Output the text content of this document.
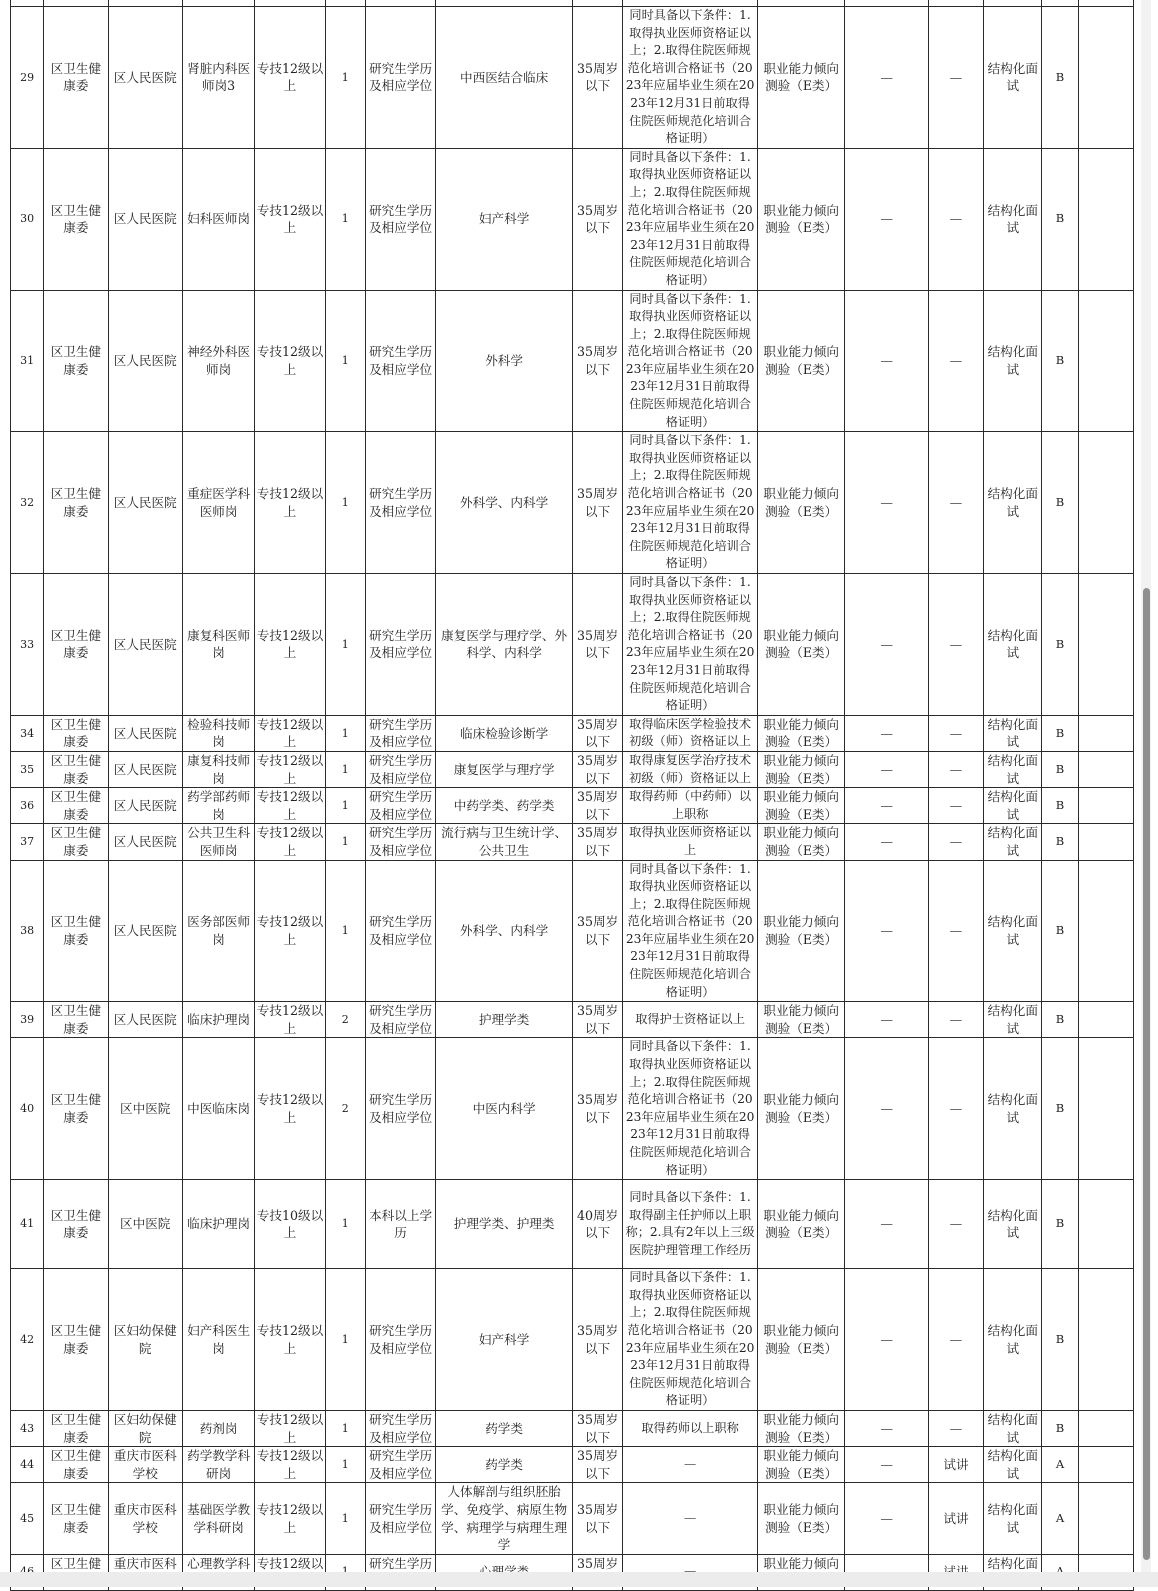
29	区卫生健康委	区人民医院	肾脏内科医师岗3	专技12级以上	1	研究生学历及相应学位	中西医结合临床	35周岁以下	同时具备以下条件：1.取得执业医师资格证以上；2.取得住院医师规范化培训合格证书（2023年应届毕业生须在2023年12月31日前取得住院医师规范化培训合格证明）	职业能力倾向测验（E类）	—	—	结构化面试	B	
30	区卫生健康委	区人民医院	妇科医师岗	专技12级以上	1	研究生学历及相应学位	妇产科学	35周岁以下	同时具备以下条件：1.取得执业医师资格证以上；2.取得住院医师规范化培训合格证书（2023年应届毕业生须在2023年12月31日前取得住院医师规范化培训合格证明）	职业能力倾向测验（E类）	—	—	结构化面试	B	
31	区卫生健康委	区人民医院	神经外科医师岗	专技12级以上	1	研究生学历及相应学位	外科学	35周岁以下	同时具备以下条件：1.取得执业医师资格证以上；2.取得住院医师规范化培训合格证书（2023年应届毕业生须在2023年12月31日前取得住院医师规范化培训合格证明）	职业能力倾向测验（E类）	—	—	结构化面试	B	
32	区卫生健康委	区人民医院	重症医学科医师岗	专技12级以上	1	研究生学历及相应学位	外科学、内科学	35周岁以下	同时具备以下条件：1.取得执业医师资格证以上；2.取得住院医师规范化培训合格证书（2023年应届毕业生须在2023年12月31日前取得住院医师规范化培训合格证明）	职业能力倾向测验（E类）	—	—	结构化面试	B	
33	区卫生健康委	区人民医院	康复科医师岗	专技12级以上	1	研究生学历及相应学位	康复医学与理疗学、外科学、内科学	35周岁以下	同时具备以下条件：1.取得执业医师资格证以上；2.取得住院医师规范化培训合格证书（2023年应届毕业生须在2023年12月31日前取得住院医师规范化培训合格证明）	职业能力倾向测验（E类）	—	—	结构化面试	B	
34	区卫生健康委	区人民医院	检验科技师岗	专技12级以上	1	研究生学历及相应学位	临床检验诊断学	35周岁以下	取得临床医学检验技术初级（师）资格证以上	职业能力倾向测验（E类）	—	—	结构化面试	B	
35	区卫生健康委	区人民医院	康复科技师岗	专技12级以上	1	研究生学历及相应学位	康复医学与理疗学	35周岁以下	取得康复医学治疗技术初级（师）资格证以上	职业能力倾向测验（E类）	—	—	结构化面试	B	
36	区卫生健康委	区人民医院	药学部药师岗	专技12级以上	1	研究生学历及相应学位	中药学类、药学类	35周岁以下	取得药师（中药师）以上职称	职业能力倾向测验（E类）	—	—	结构化面试	B	
37	区卫生健康委	区人民医院	公共卫生科医师岗	专技12级以上	1	研究生学历及相应学位	流行病与卫生统计学、公共卫生	35周岁以下	取得执业医师资格证以上	职业能力倾向测验（E类）	—	—	结构化面试	B	
38	区卫生健康委	区人民医院	医务部医师岗	专技12级以上	1	研究生学历及相应学位	外科学、内科学	35周岁以下	同时具备以下条件：1.取得执业医师资格证以上；2.取得住院医师规范化培训合格证书（2023年应届毕业生须在2023年12月31日前取得住院医师规范化培训合格证明）	职业能力倾向测验（E类）	—	—	结构化面试	B	
39	区卫生健康委	区人民医院	临床护理岗	专技12级以上	2	研究生学历及相应学位	护理学类	35周岁以下	取得护士资格证以上	职业能力倾向测验（E类）	—	—	结构化面试	B	
40	区卫生健康委	区中医院	中医临床岗	专技12级以上	2	研究生学历及相应学位	中医内科学	35周岁以下	同时具备以下条件：1.取得执业医师资格证以上；2.取得住院医师规范化培训合格证书（2023年应届毕业生须在2023年12月31日前取得住院医师规范化培训合格证明）	职业能力倾向测验（E类）	—	—	结构化面试	B	
41	区卫生健康委	区中医院	临床护理岗	专技10级以上	1	本科以上学历	护理学类、护理类	40周岁以下	同时具备以下条件：1.取得副主任护师以上职称；2.具有2年以上三级医院护理管理工作经历	职业能力倾向测验（E类）	—	—	结构化面试	B	
42	区卫生健康委	区妇幼保健院	妇产科医生岗	专技12级以上	1	研究生学历及相应学位	妇产科学	35周岁以下	同时具备以下条件：1.取得执业医师资格证以上；2.取得住院医师规范化培训合格证书（2023年应届毕业生须在2023年12月31日前取得住院医师规范化培训合格证明）	职业能力倾向测验（E类）	—	—	结构化面试	B	
43	区卫生健康委	区妇幼保健院	药剂岗	专技12级以上	1	研究生学历及相应学位	药学类	35周岁以下	取得药师以上职称	职业能力倾向测验（E类）	—	—	结构化面试	B	
44	区卫生健康委	重庆市医科学校	药学教学科研岗	专技12级以上	1	研究生学历及相应学位	药学类	35周岁以下	—	职业能力倾向测验（E类）	—	试讲	结构化面试	A	
45	区卫生健康委	重庆市医科学校	基础医学教学科研岗	专技12级以上	1	研究生学历及相应学位	人体解剖与组织胚胎学、免疫学、病原生物学、病理学与病理生理学	35周岁以下	—	职业能力倾向测验（E类）	—	试讲	结构化面试	A	
	区卫生健	重庆市医科	心理教学科	专技12级以		研究生学历		35周岁		职业能力倾向			结构化面		
